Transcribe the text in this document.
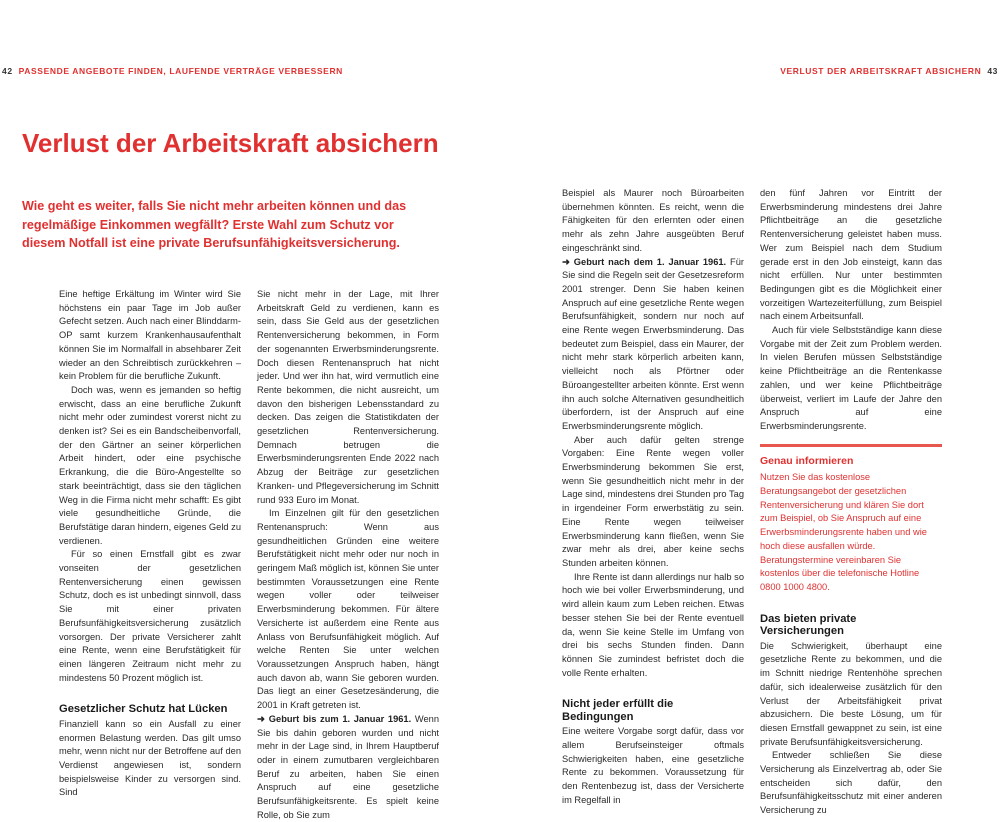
42 PASSENDE ANGEBOTE FINDEN, LAUFENDE VERTRÄGE VERBESSERN	VERLUST DER ARBEITSKRAFT ABSICHERN 43
Verlust der Arbeitskraft absichern

Wie geht es weiter, falls Sie nicht mehr arbeiten können und das regelmäßige Einkommen wegfällt? Erste Wahl zum Schutz vor diesem Notfall ist eine private Berufsunfähigkeitsversicherung.

Eine heftige Erkältung im Winter wird Sie höchstens ein paar Tage im Job außer Gefecht setzen. Auch nach einer Blinddarm-OP samt kurzem Krankenhausaufenthalt können Sie im Normalfall in absehbarer Zeit wieder an den Schreibtisch zurückkehren – kein Problem für die berufliche Zukunft.

Doch was, wenn es jemanden so heftig erwischt, dass an eine berufliche Zukunft nicht mehr oder zumindest vorerst nicht zu denken ist? Sei es ein Bandscheibenvorfall, der den Gärtner an seiner körperlichen Arbeit hindert, oder eine psychische Erkrankung, die die Büro-Angestellte so stark beeinträchtigt, dass sie den täglichen Weg in die Firma nicht mehr schafft: Es gibt viele gesundheitliche Gründe, die Berufstätige daran hindern, eigenes Geld zu verdienen.

Für so einen Ernstfall gibt es zwar vonseiten der gesetzlichen Rentenversicherung einen gewissen Schutz, doch es ist unbedingt sinnvoll, dass Sie mit einer privaten Berufsunfähigkeitsversicherung zusätzlich vorsorgen. Der private Versicherer zahlt eine Rente, wenn eine Berufstätigkeit für einen längeren Zeitraum nicht mehr zu mindestens 50 Prozent möglich ist.

Gesetzlicher Schutz hat Lücken

Finanziell kann so ein Ausfall zu einer enormen Belastung werden. Das gilt umso mehr, wenn nicht nur der Betroffene auf den Verdienst angewiesen ist, sondern beispielsweise Kinder zu versorgen sind. Sind

Sie nicht mehr in der Lage, mit Ihrer Arbeitskraft Geld zu verdienen, kann es sein, dass Sie Geld aus der gesetzlichen Rentenversicherung bekommen, in Form der sogenannten Erwerbsminderungsrente. Doch diesen Rentenanspruch hat nicht jeder. Und wer ihn hat, wird vermutlich eine Rente bekommen, die nicht ausreicht, um davon den bisherigen Lebensstandard zu decken. Das zeigen die Statistikdaten der gesetzlichen Rentenversicherung. Demnach betrugen die Erwerbsminderungsrenten Ende 2022 nach Abzug der Beiträge zur gesetzlichen Kranken- und Pflegeversicherung im Schnitt rund 933 Euro im Monat.

Im Einzelnen gilt für den gesetzlichen Rentenanspruch: Wenn aus gesundheitlichen Gründen eine weitere Berufstätigkeit nicht mehr oder nur noch in geringem Maß möglich ist, können Sie unter bestimmten Voraussetzungen eine Rente wegen voller oder teilweiser Erwerbsminderung bekommen. Für ältere Versicherte ist außerdem eine Rente aus Anlass von Berufsunfähigkeit möglich. Auf welche Renten Sie unter welchen Voraussetzungen Anspruch haben, hängt auch davon ab, wann Sie geboren wurden. Das liegt an einer Gesetzesänderung, die 2001 in Kraft getreten ist.

➜ Geburt bis zum 1. Januar 1961. Wenn Sie bis dahin geboren wurden und nicht mehr in der Lage sind, in Ihrem Hauptberuf oder in einem zumutbaren vergleichbaren Beruf zu arbeiten, haben Sie einen Anspruch auf eine gesetzliche Berufsunfähigkeitsrente. Es spielt keine Rolle, ob Sie zum

Beispiel als Maurer noch Büroarbeiten übernehmen könnten. Es reicht, wenn die Fähigkeiten für den erlernten oder einen mehr als zehn Jahre ausgeübten Beruf eingeschränkt sind.

➜ Geburt nach dem 1. Januar 1961. Für Sie sind die Regeln seit der Gesetzesreform 2001 strenger. Denn Sie haben keinen Anspruch auf eine gesetzliche Rente wegen Berufsunfähigkeit, sondern nur noch auf eine Rente wegen Erwerbsminderung. Das bedeutet zum Beispiel, dass ein Maurer, der nicht mehr stark körperlich arbeiten kann, vielleicht noch als Pförtner oder Büroangestellter arbeiten könnte. Erst wenn ihn auch solche Alternativen gesundheitlich überfordern, ist der Anspruch auf eine Erwerbsminderungsrente möglich.

Aber auch dafür gelten strenge Vorgaben: Eine Rente wegen voller Erwerbsminderung bekommen Sie erst, wenn Sie gesundheitlich nicht mehr in der Lage sind, mindestens drei Stunden pro Tag in irgendeiner Form erwerbstätig zu sein. Eine Rente wegen teilweiser Erwerbsminderung kann fließen, wenn Sie zwar mehr als drei, aber keine sechs Stunden arbeiten können.

Ihre Rente ist dann allerdings nur halb so hoch wie bei voller Erwerbsminderung, und wird allein kaum zum Leben reichen. Etwas besser stehen Sie bei der Rente eventuell da, wenn Sie keine Stelle im Umfang von drei bis sechs Stunden finden. Dann können Sie zumindest befristet doch die volle Rente erhalten.

Nicht jeder erfüllt die Bedingungen

Eine weitere Vorgabe sorgt dafür, dass vor allem Berufseinsteiger oftmals Schwierigkeiten haben, eine gesetzliche Rente zu bekommen. Voraussetzung für den Rentenbezug ist, dass der Versicherte im Regelfall in

den fünf Jahren vor Eintritt der Erwerbsminderung mindestens drei Jahre Pflichtbeiträge an die gesetzliche Rentenversicherung geleistet haben muss. Wer zum Beispiel nach dem Studium gerade erst in den Job einsteigt, kann das nicht erfüllen. Nur unter bestimmten Bedingungen gibt es die Möglichkeit einer vorzeitigen Wartezeiterfüllung, zum Beispiel nach einem Arbeitsunfall.

Auch für viele Selbstständige kann diese Vorgabe mit der Zeit zum Problem werden. In vielen Berufen müssen Selbstständige keine Pflichtbeiträge an die Rentenkasse zahlen, und wer keine Pflichtbeiträge überweist, verliert im Laufe der Jahre den Anspruch auf eine Erwerbsminderungsrente.

Genau informieren

Nutzen Sie das kostenlose Beratungsangebot der gesetzlichen Rentenversicherung und klären Sie dort zum Beispiel, ob Sie Anspruch auf eine Erwerbsminderungsrente haben und wie hoch diese ausfallen würde. Beratungstermine vereinbaren Sie kostenlos über die telefonische Hotline 0800 1000 4800.

Das bieten private Versicherungen

Die Schwierigkeit, überhaupt eine gesetzliche Rente zu bekommen, und die im Schnitt niedrige Rentenhöhe sprechen dafür, sich idealerweise zusätzlich für den Verlust der Arbeitsfähigkeit privat abzusichern. Die beste Lösung, um für diesen Ernstfall gewappnet zu sein, ist eine private Berufsunfähigkeitsversicherung.

Entweder schließen Sie diese Versicherung als Einzelvertrag ab, oder Sie entscheiden sich dafür, den Berufsunfähigkeitsschutz mit einer anderen Versicherung zu
